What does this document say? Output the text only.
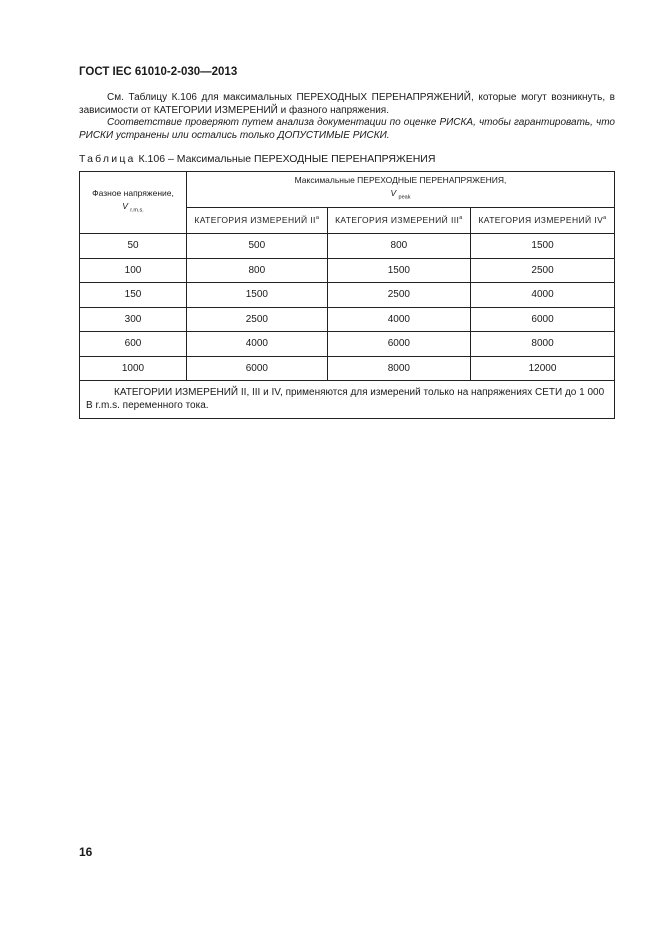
ГОСТ IEC 61010-2-030—2013
См. Таблицу К.106 для максимальных ПЕРЕХОДНЫХ ПЕРЕНАПРЯЖЕНИЙ, которые могут возникнуть, в зависимости от КАТЕГОРИИ ИЗМЕРЕНИЙ и фазного напряжения.
Соответствие проверяют путем анализа документации по оценке РИСКА, чтобы гарантировать, что РИСКИ устранены или остались только ДОПУСТИМЫЕ РИСКИ.
Таблица К.106 – Максимальные ПЕРЕХОДНЫЕ ПЕРЕНАПРЯЖЕНИЯ
Фазное напряжение,
V $_{r.m.s.}$	Максимальные ПЕРЕХОДНЫЕ ПЕРЕНАПРЯЖЕНИЯ,
V $_{peak}$
	КАТЕГОРИЯ ИЗМЕРЕНИЙ $II^a$	КАТЕГОРИЯ ИЗМЕРЕНИЙ III$^a$	КАТЕГОРИЯ ИЗМЕРЕНИЙ $IV^a$
50	500	800	1500
100	800	1500	2500
150	1500	2500	4000
300	2500	4000	6000
600	4000	6000	8000
1000	6000	8000	12000
КАТЕГОРИИ ИЗМЕРЕНИЙ II, III и IV, применяются для измерений только на напряжениях СЕТИ до 1 000 В r.m.s. переменного тока.			
16
